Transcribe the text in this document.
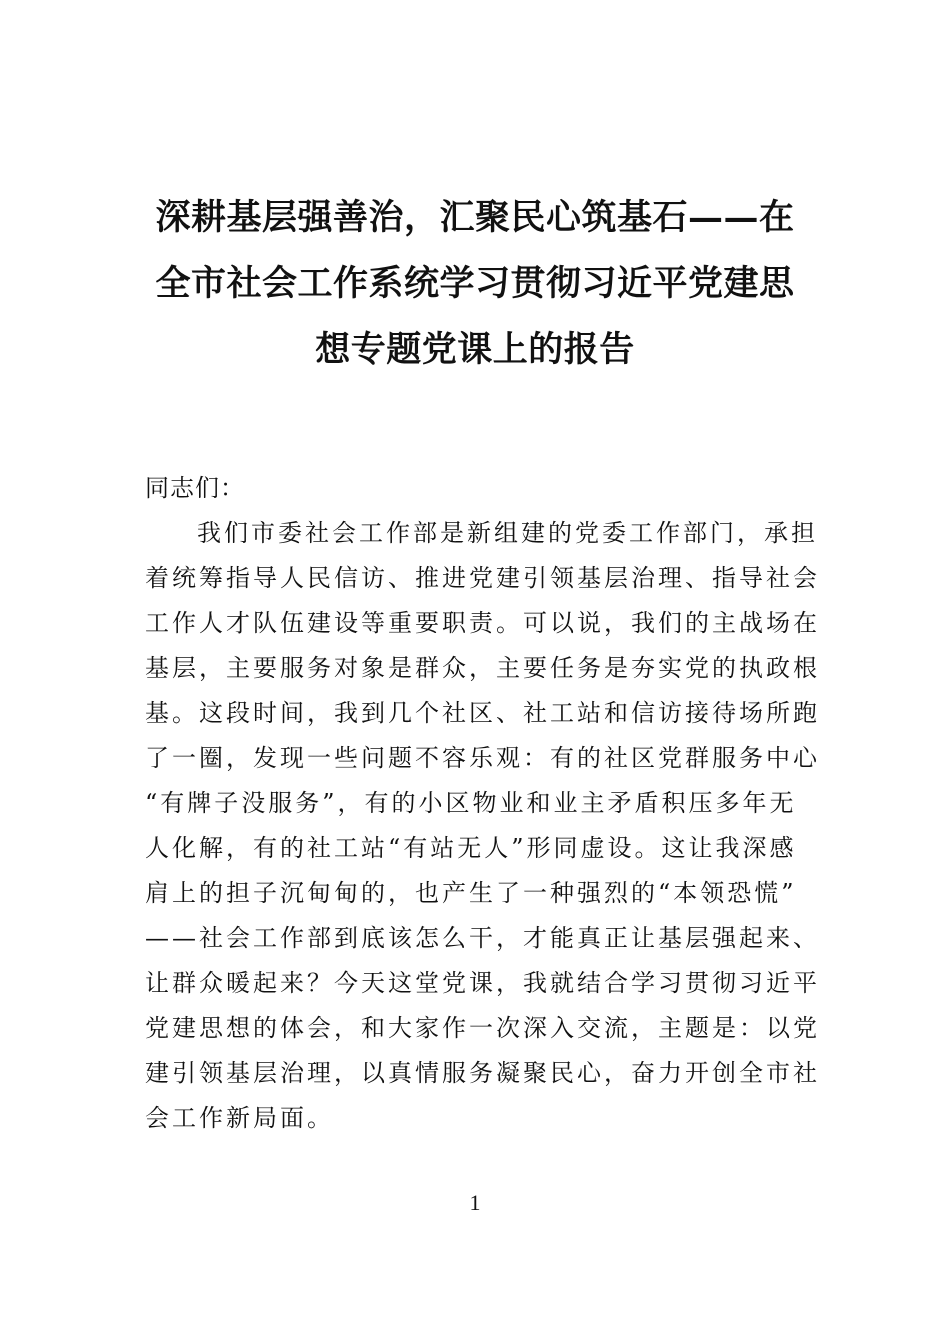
深耕基层强善治，汇聚民心筑基石——在
全市社会工作系统学习贯彻习近平党建思
想专题党课上的报告
同志们：
我们市委社会工作部是新组建的党委工作部门，承担
着统筹指导人民信访、推进党建引领基层治理、指导社会
工作人才队伍建设等重要职责。可以说，我们的主战场在
基层，主要服务对象是群众，主要任务是夯实党的执政根
基。这段时间，我到几个社区、社工站和信访接待场所跑
了一圈，发现一些问题不容乐观：有的社区党群服务中心
“有牌子没服务”，有的小区物业和业主矛盾积压多年无
人化解，有的社工站“有站无人”形同虚设。这让我深感
肩上的担子沉甸甸的，也产生了一种强烈的“本领恐慌”
——社会工作部到底该怎么干，才能真正让基层强起来、
让群众暖起来？今天这堂党课，我就结合学习贯彻习近平
党建思想的体会，和大家作一次深入交流，主题是：以党
建引领基层治理，以真情服务凝聚民心，奋力开创全市社
会工作新局面。
1
